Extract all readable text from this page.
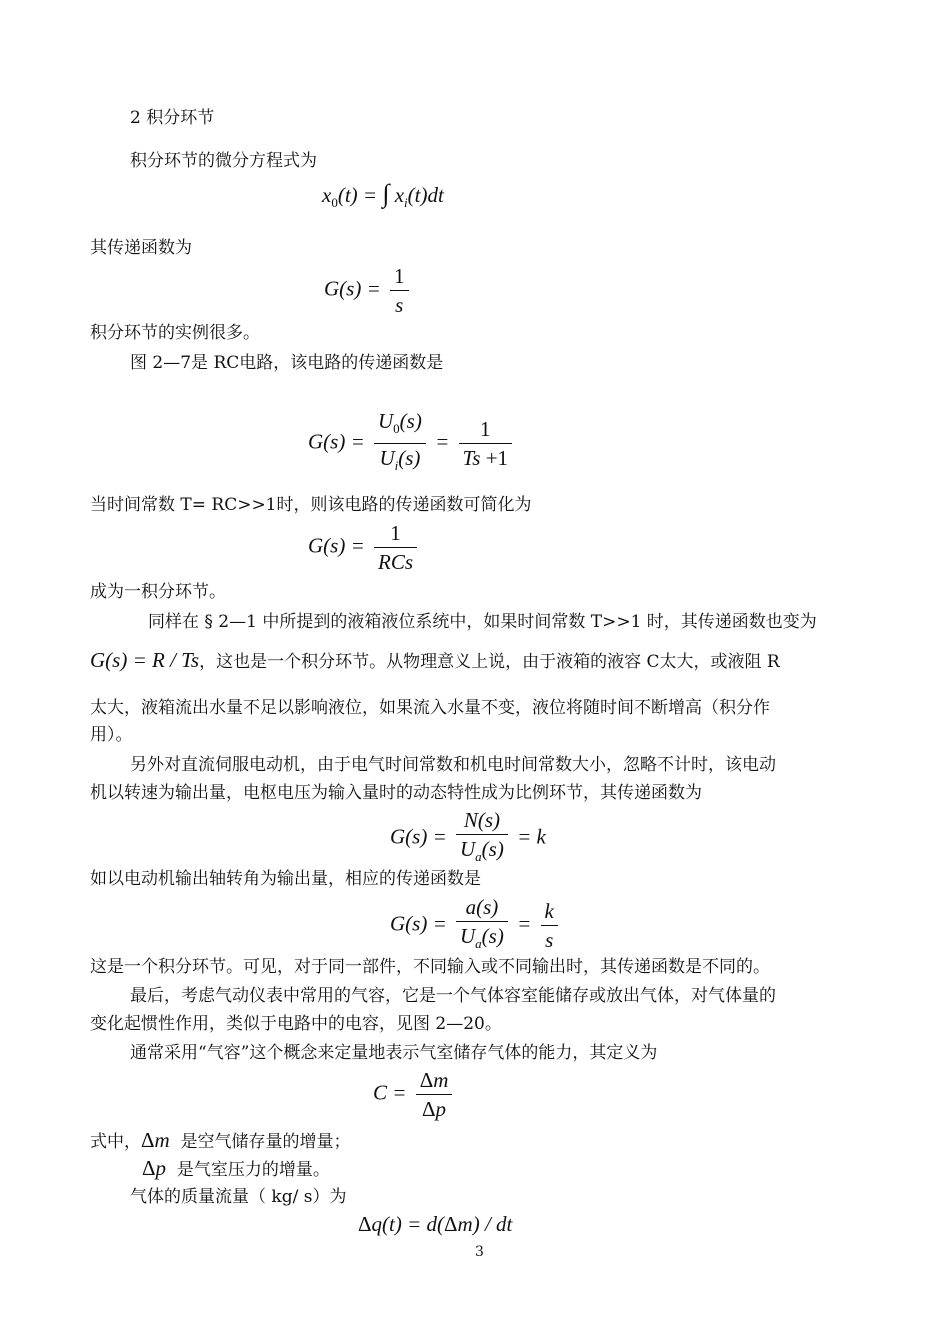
2 积分环节
积分环节的微分方程式为
$x_0(t)$ = ∫ $x_i(t)dt$
其传递函数为
$G(s) = \frac{1}{s}$
积分环节的实例很多。
图 2—7是 RC电路，该电路的传递函数是
$G(s) = \frac{U_0(s)}{U_i(s)} = \frac{1}{Ts +1}$
当时间常数 T= RC>>1时，则该电路的传递函数可简化为
$G(s) = \frac{1}{\text{RCs}}$
成为一积分环节。
同样在 § 2—1 中所提到的液箱液位系统中，如果时间常数 T>>1 时，其传递函数也变为
G(s) = R / Ts，这也是一个积分环节。从物理意义上说，由于液箱的液容 C太大，或液阻 R
太大，液箱流出水量不足以影响液位，如果流入水量不变，液位将随时间不断增高（积分作
用）。
另外对直流伺服电动机，由于电气时间常数和机电时间常数大小，忽略不计时，该电动
机以转速为输出量，电枢电压为输入量时的动态特性成为比例环节，其传递函数为
$G(s) = \frac{N(s)}{U_a(s)} = k$
如以电动机输出轴转角为输出量，相应的传递函数是
$G(s) = \frac{a(s)}{U_a(s)} = \frac{k}{s}$
这是一个积分环节。可见，对于同一部件，不同输入或不同输出时，其传递函数是不同的。
最后，考虑气动仪表中常用的气容，它是一个气体容室能储存或放出气体，对气体量的
变化起惯性作用，类似于电路中的电容，见图 2—20。
通常采用“气容”这个概念来定量地表示气室储存气体的能力，其定义为
$C = \frac{\Delta m}{\Delta p}$
式中，Δm 是空气储存量的增量；
Δp 是气室压力的增量。
气体的质量流量（ kg/ s）为
Δq(t) = d(Δm) / dt
3
